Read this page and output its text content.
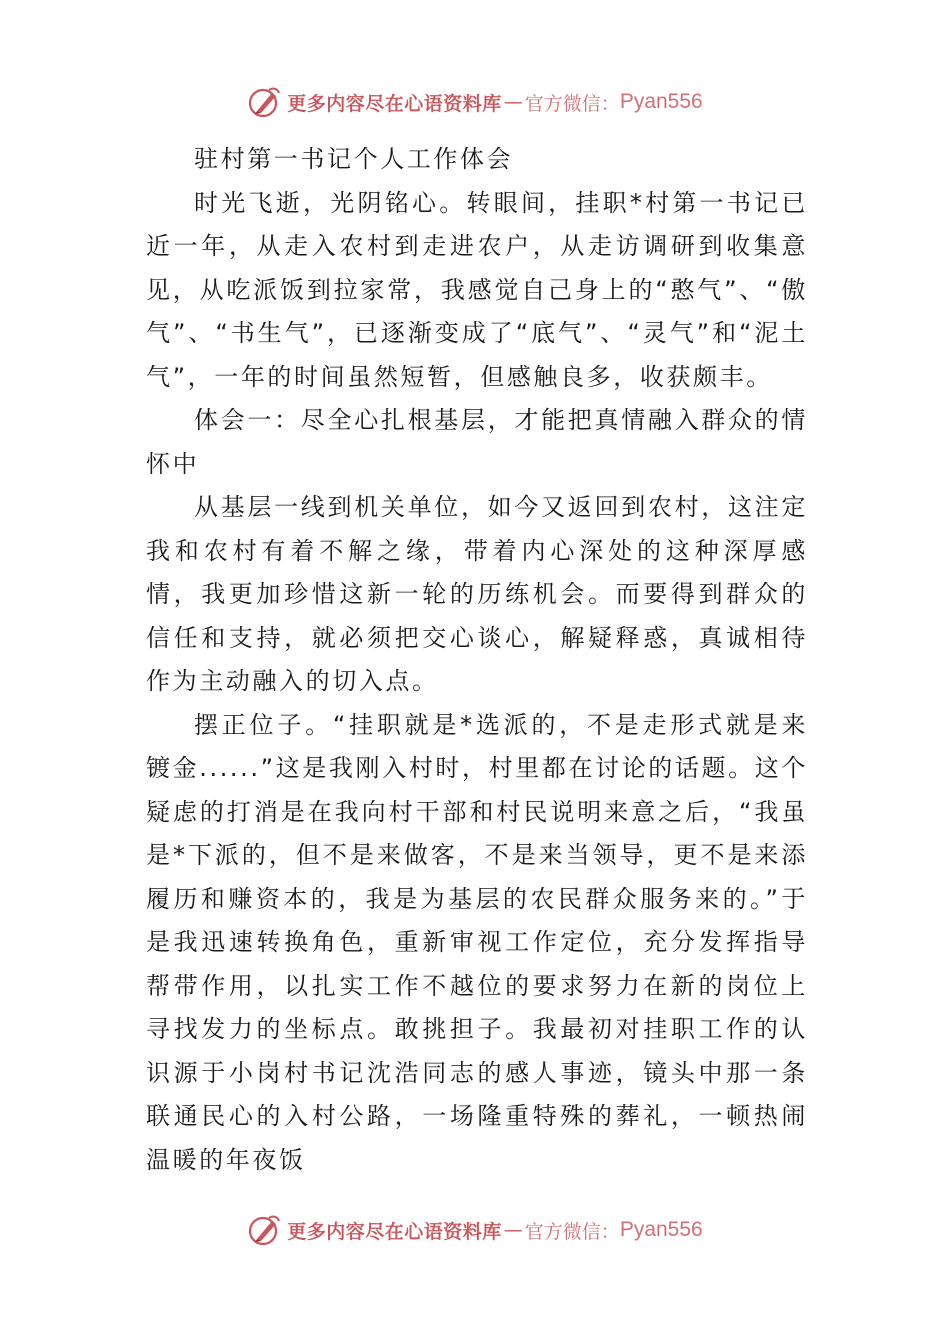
更多内容尽在心语资料库 — 官方微信： Pyan556

驻村第一书记个人工作体会

时光飞逝，光阴铭心。转眼间，挂职*村第一书记已近一年，从走入农村到走进农户，从走访调研到收集意见，从吃派饭到拉家常，我感觉自己身上的“憨气”、“傲气”、“书生气”，已逐渐变成了“底气”、“灵气”和“泥土气”，一年的时间虽然短暂，但感触良多，收获颇丰。

体会一：尽全心扎根基层，才能把真情融入群众的情怀中

从基层一线到机关单位，如今又返回到农村，这注定我和农村有着不解之缘，带着内心深处的这种深厚感情，我更加珍惜这新一轮的历练机会。而要得到群众的信任和支持，就必须把交心谈心，解疑释惑，真诚相待作为主动融入的切入点。

摆正位子。“挂职就是*选派的，不是走形式就是来镀金......”这是我刚入村时，村里都在讨论的话题。这个疑虑的打消是在我向村干部和村民说明来意之后，“我虽是*下派的，但不是来做客，不是来当领导，更不是来添履历和赚资本的，我是为基层的农民群众服务来的。”于是我迅速转换角色，重新审视工作定位，充分发挥指导帮带作用，以扎实工作不越位的要求努力在新的岗位上寻找发力的坐标点。敢挑担子。我最初对挂职工作的认识源于小岗村书记沈浩同志的感人事迹，镜头中那一条联通民心的入村公路，一场隆重特殊的葬礼，一顿热闹温暖的年夜饭

更多内容尽在心语资料库 — 官方微信： Pyan556
